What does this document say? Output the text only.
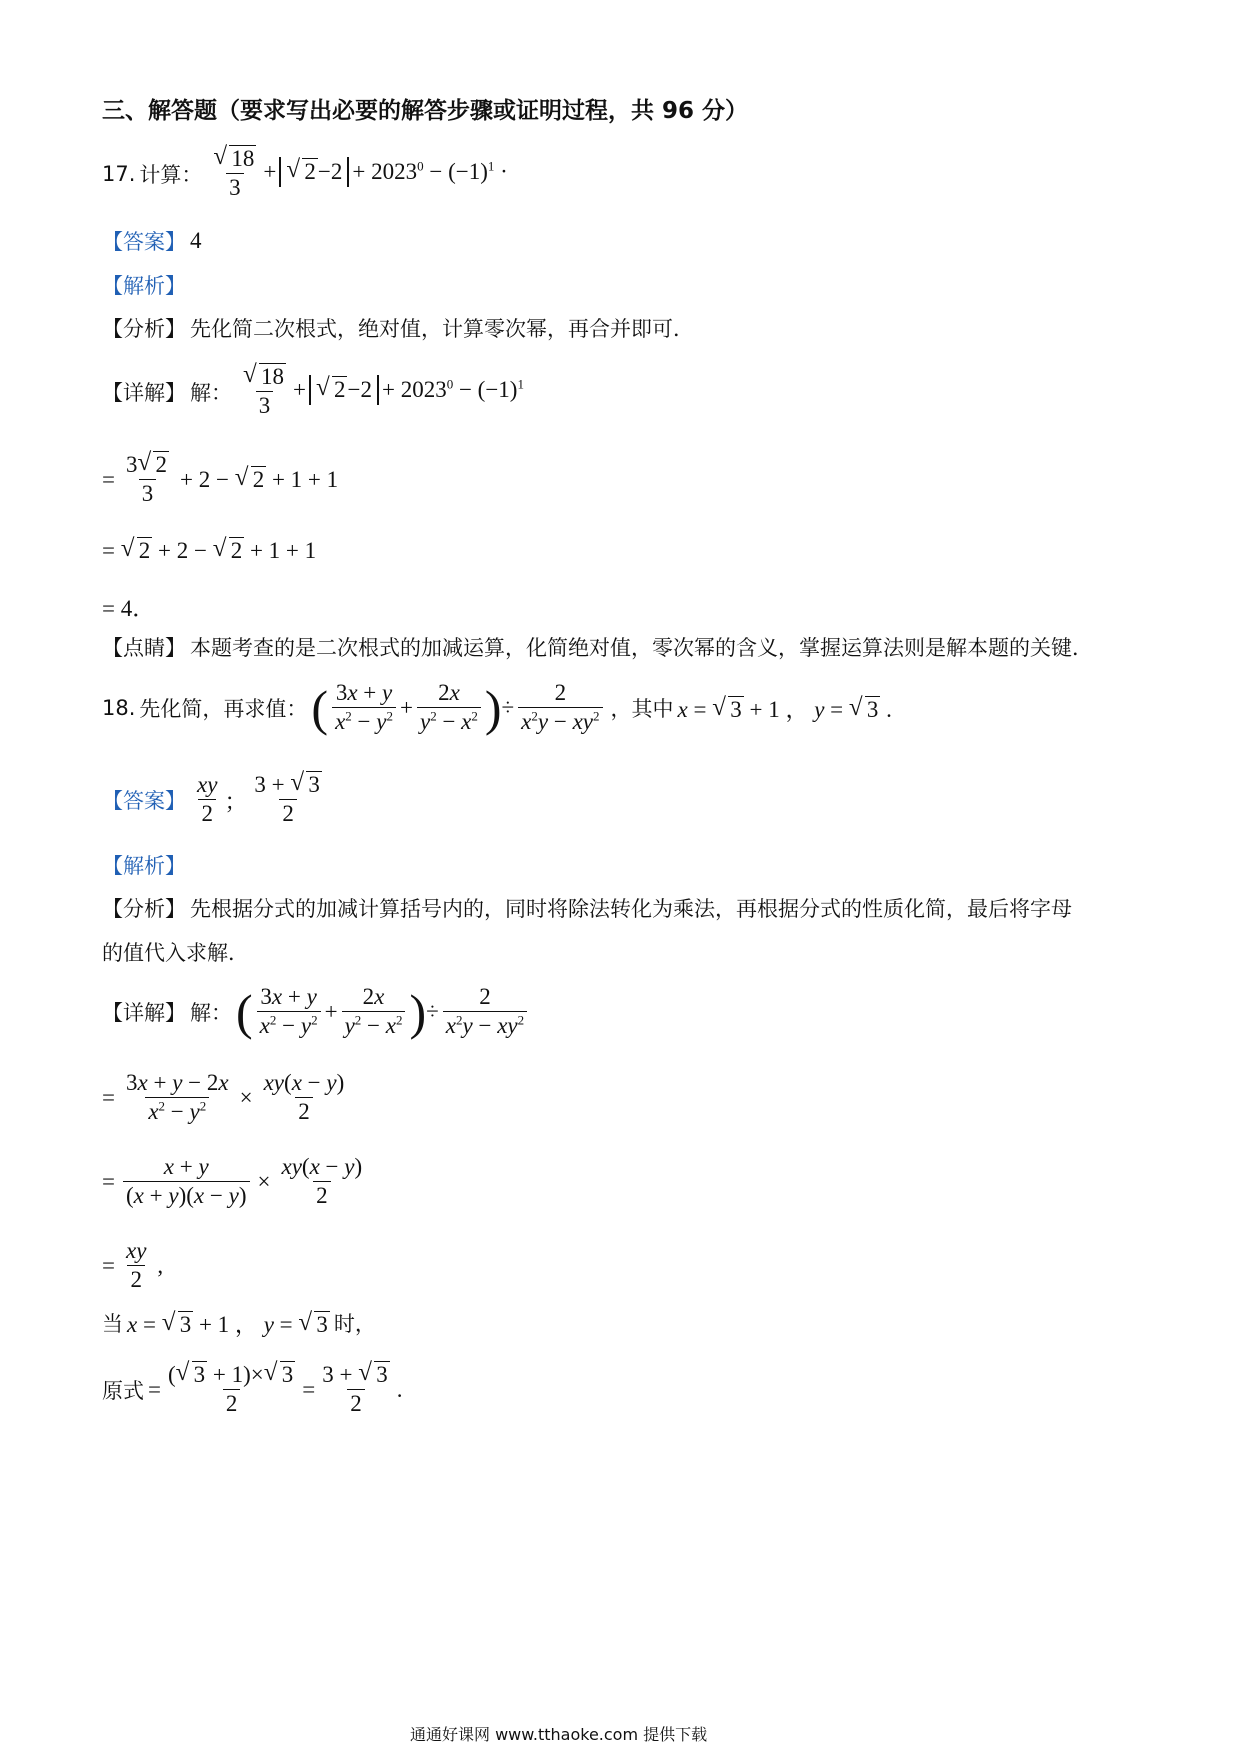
三、解答题（要求写出必要的解答步骤或证明过程，共 96 分）
17. 计算： √ $\frac{18}{3}$ + √ $2-2 + 2023^0 - (-1)^1$ ·
【答案】 4
【解析】
【分析】 先化简二次根式，绝对值，计算零次幂，再合并即可．
【详解】 解： √ $\frac{18}{3}$ + √ $2-2 + 2023^0 - (-1)^1$
= $\frac{3 √ 2}{3} + 2$ − √ 2 + 1 + 1
= √ 2 + 2 − √ 2 + 1 + 1
= 4．
【点睛】 本题考查的是二次根式的加减运算，化简绝对值，零次幂的含义，掌握运算法则是解本题的关键．
18. 先化简，再求值： ( $\frac{3x + y}{x^2 - y^2} + \frac{2x}{y^2 - x^2}$ ) ÷ $\frac{2}{x^2y - xy^2}$ ，其中 x = √ 3 + 1 ， y = √ 3 .
【答案】 $\frac{xy}{2}$ ； $\frac{3 + √ 3}{2}$
【解析】
【分析】 先根据分式的加减计算括号内的，同时将除法转化为乘法，再根据分式的性质化简，最后将字母
的值代入求解．
【详解】 解： ( $\frac{3x + y}{x^2 - y^2} + \frac{2x}{y^2 - x^2}$ ) ÷ $\frac{2}{x^2y - xy^2}$
= $\frac{3x + y - 2x}{x^2 - y^2} \times \frac{xy(x - y)}{2}$
= $\frac{x + y}{(x + y)(x - y)} \times \frac{xy(x - y)}{2}$
= $\frac{xy}{2}$ ,
当 x = √ 3 + 1 ， y = √ 3 时，
原式 = $\frac{( √ 3 + 1)\times √ 3}{2} = \frac{3 + √ 3}{2}$ .
通通好课网 www.tthaoke.com 提供下载
